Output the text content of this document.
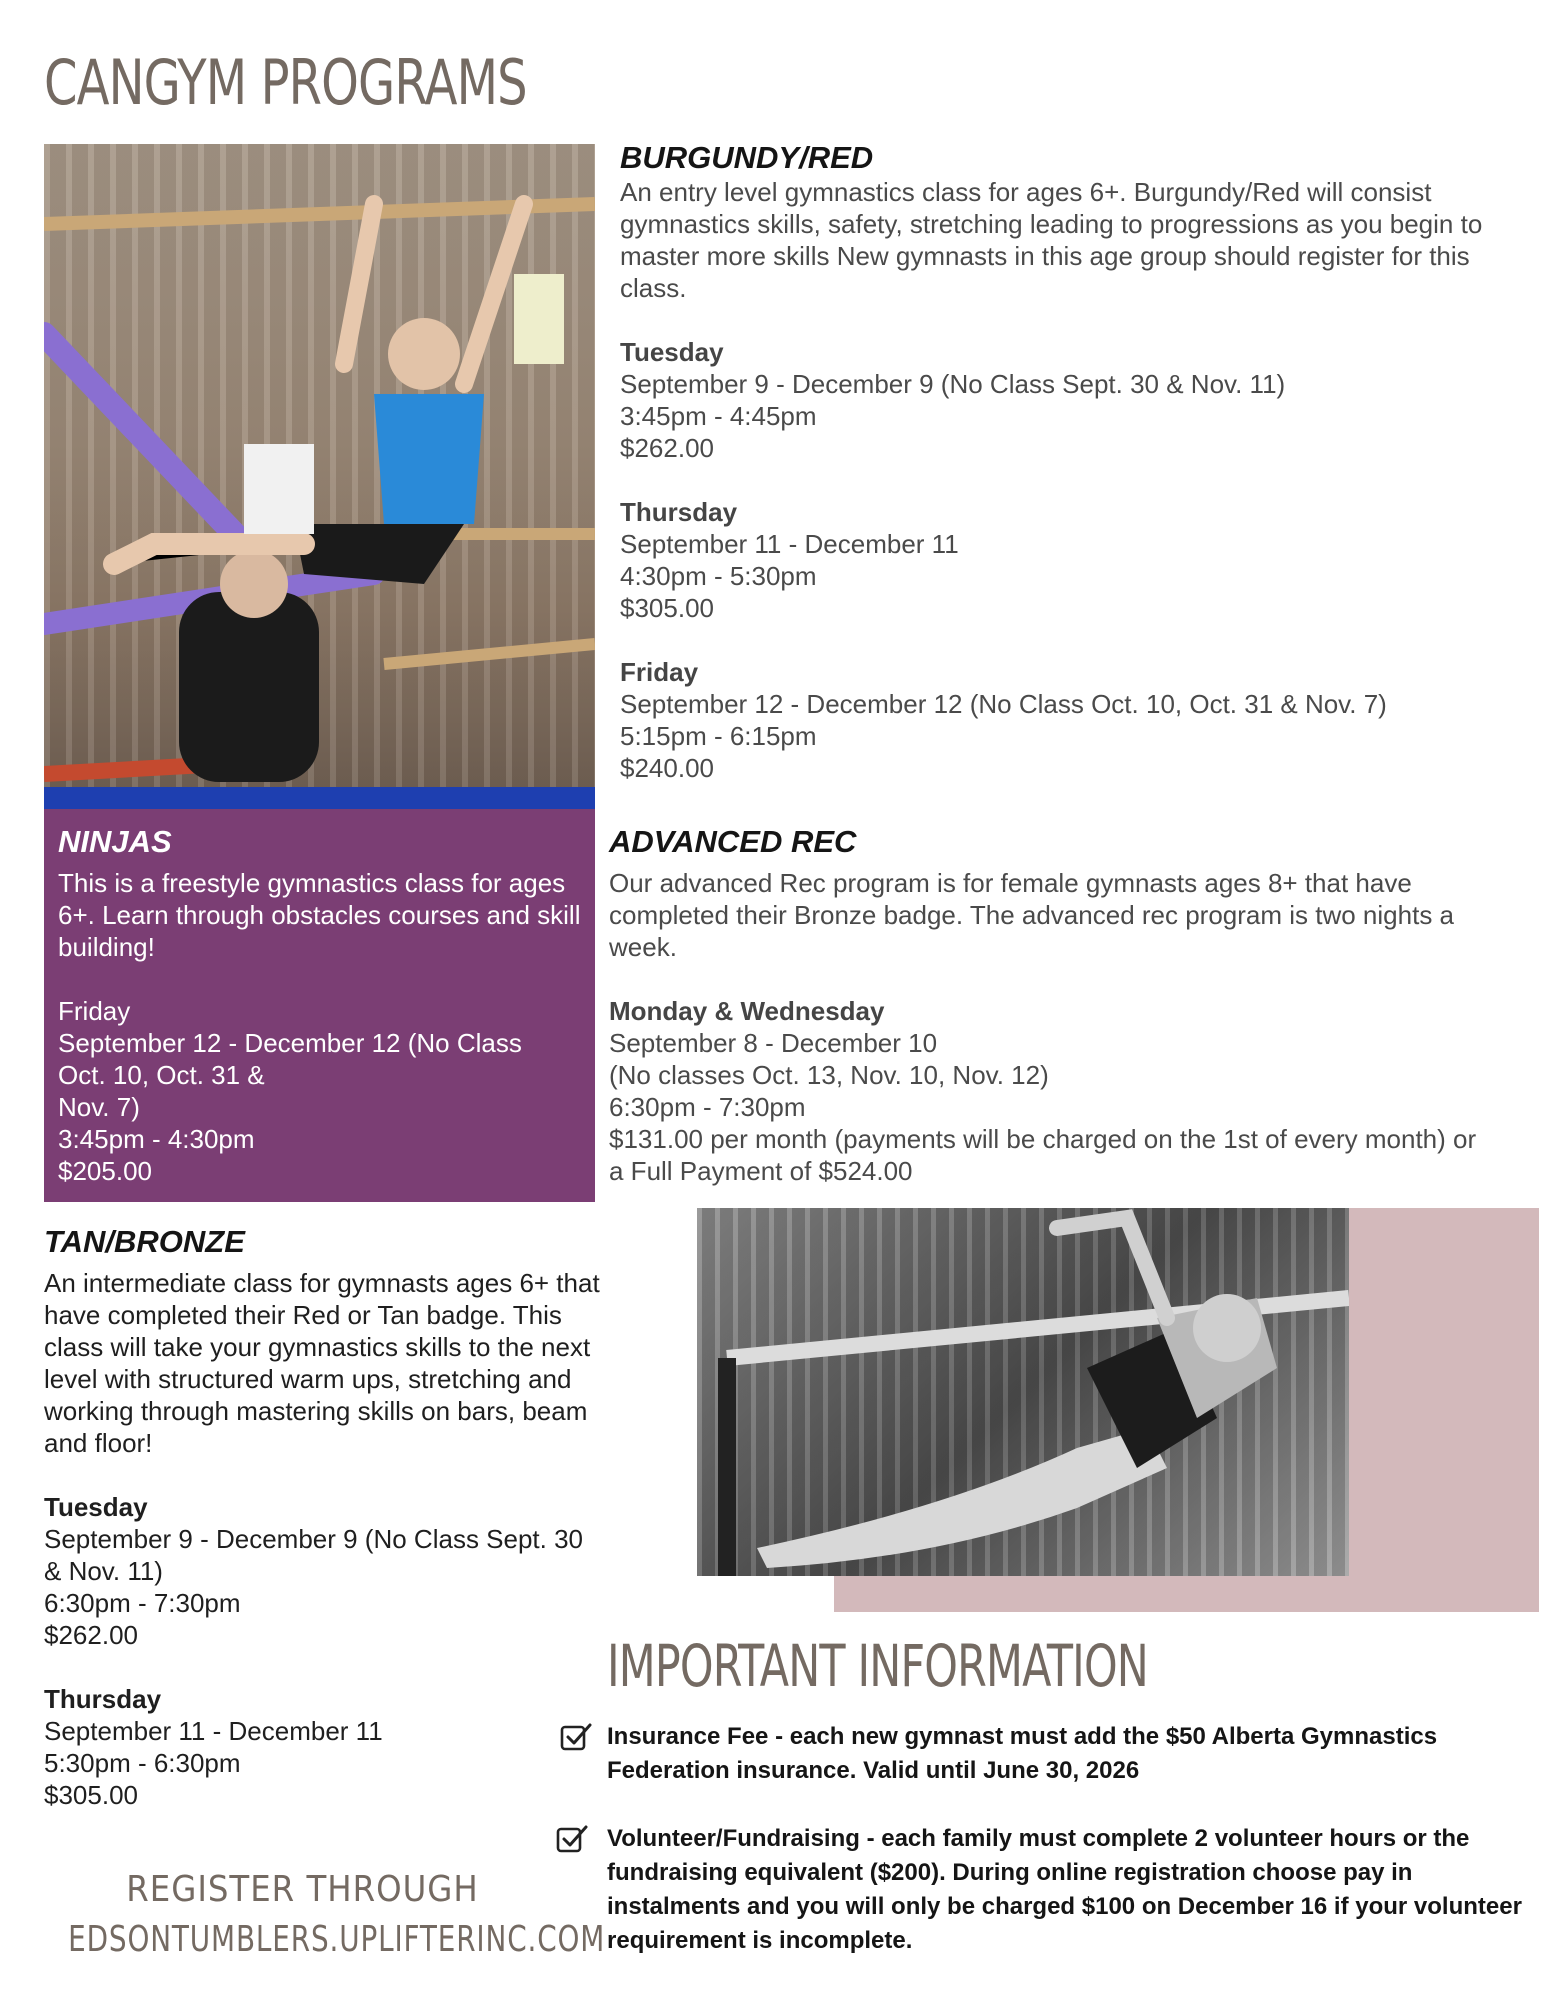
CANGYM PROGRAMS
BURGUNDY/RED

An entry level gymnastics class for ages 6+. Burgundy/Red will consist gymnastics skills, safety, stretching leading to progressions as you begin to master more skills New gymnasts in this age group should register for this class.

Tuesday

September 9 - December 9 (No Class Sept. 30 & Nov. 11)

3:45pm - 4:45pm

$262.00

Thursday

September 11 - December 11

4:30pm - 5:30pm

$305.00

Friday

September 12 - December 12 (No Class Oct. 10, Oct. 31 & Nov. 7)

5:15pm - 6:15pm

$240.00

NINJAS

This is a freestyle gymnastics class for ages 6+. Learn through obstacles courses and skill building!

Friday

September 12 - December 12 (No Class

Oct. 10, Oct. 31 &

Nov. 7)

3:45pm - 4:30pm

$205.00

ADVANCED REC

Our advanced Rec program is for female gymnasts ages 8+ that have completed their Bronze badge. The advanced rec program is two nights a week.

Monday & Wednesday

September 8 - December 10

(No classes Oct. 13, Nov. 10, Nov. 12)

6:30pm - 7:30pm

$131.00 per month (payments will be charged on the 1st of every month) or a Full Payment of $524.00

TAN/BRONZE

An intermediate class for gymnasts ages 6+ that have completed their Red or Tan badge. This class will take your gymnastics skills to the next level with structured warm ups, stretching and working through mastering skills on bars, beam and floor!

Tuesday

September 9 - December 9 (No Class Sept. 30 & Nov. 11)

6:30pm - 7:30pm

$262.00

Thursday

September 11 - December 11

5:30pm - 6:30pm

$305.00

IMPORTANT INFORMATION
Insurance Fee - each new gymnast must add the $50 Alberta Gymnastics Federation insurance. Valid until June 30, 2026
Volunteer/Fundraising - each family must complete 2 volunteer hours or the fundraising equivalent ($200). During online registration choose pay in instalments and you will only be charged $100 on December 16 if your volunteer requirement is incomplete.
REGISTER THROUGH
EDSONTUMBLERS.UPLIFTERINC.COM
